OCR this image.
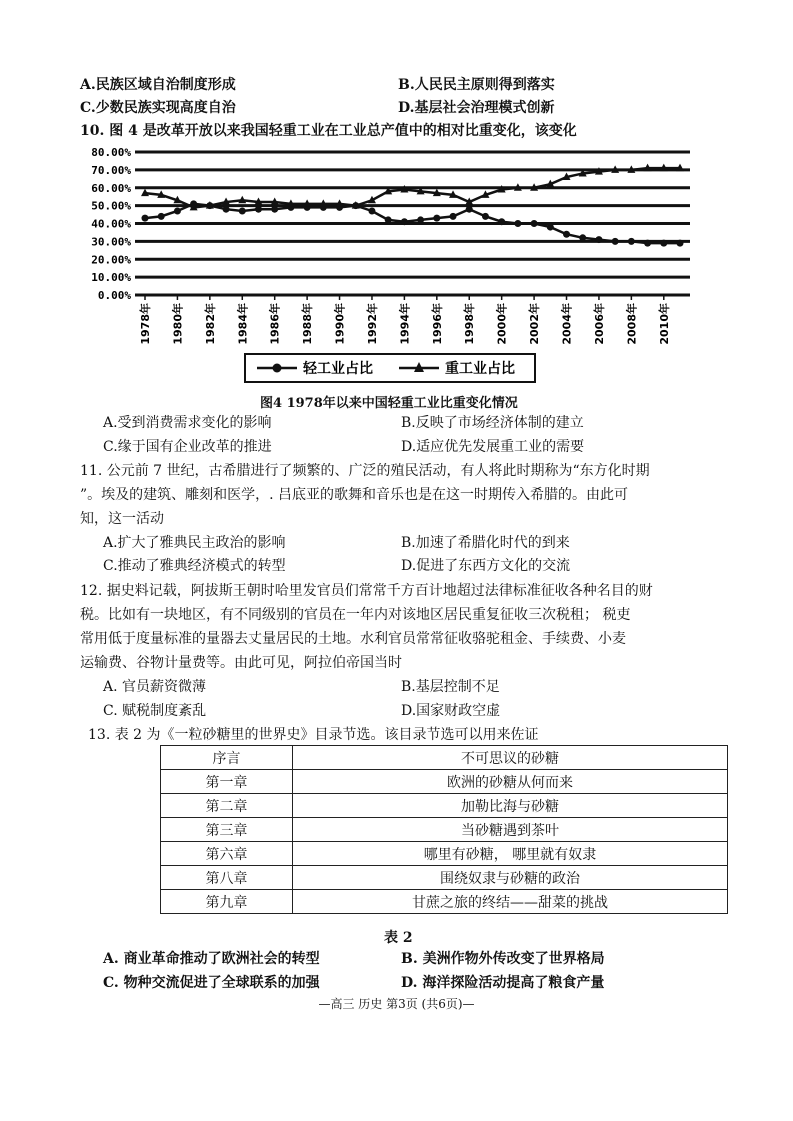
A.民族区域自治制度形成	B.人民民主原则得到落实
C.少数民族实现高度自治	D.基层社会治理模式创新
10. 图 4 是改革开放以来我国轻重工业在工业总产值中的相对比重变化，该变化
0.00%
10.00%
20.00%
30.00%
40.00%
50.00%
60.00%
70.00%
80.00%
1978年 1980年 1982年 1984年 1986年 1988年 1990年 1992年 1994年 1996年 1998年 2000年 2002年 2004年 2006年 2008年 2010年
轻工业占比	重工业占比
图4 1978年以来中国轻重工业比重变化情况
A.受到消费需求变化的影响	B.反映了市场经济体制的建立
C.缘于国有企业改革的推进	D.适应优先发展重工业的需要
11. 公元前 7 世纪，古希腊进行了频繁的、广泛的殖民活动，有人将此时期称为“东方化时期
”。埃及的建筑、雕刻和医学，. 吕底亚的歌舞和音乐也是在这一时期传入希腊的。由此可
知，这一活动
A.扩大了雅典民主政治的影响	B.加速了希腊化时代的到来
C.推动了雅典经济模式的转型	D.促进了东西方文化的交流
12. 据史料记载，阿拔斯王朝时哈里发官员们常常千方百计地超过法律标准征收各种名目的财
税。比如有一块地区，有不同级别的官员在一年内对该地区居民重复征收三次税租； 税吏
常用低于度量标准的量器去丈量居民的土地。水利官员常常征收骆驼租金、手续费、小麦
运输费、谷物计量费等。由此可见，阿拉伯帝国当时
A. 官员薪资微薄	B.基层控制不足
C. 赋税制度紊乱	D.国家财政空虚
13. 表 2 为《一粒砂糖里的世界史》目录节选。该目录节选可以用来佐证
序言	不可思议的砂糖
第一章	欧洲的砂糖从何而来
第二章	加勒比海与砂糖
第三章	当砂糖遇到茶叶
第六章	哪里有砂糖， 哪里就有奴隶
第八章	围绕奴隶与砂糖的政治
第九章	甘蔗之旅的终结——甜菜的挑战
表 2
A. 商业革命推动了欧洲社会的转型	B. 美洲作物外传改变了世界格局
C. 物种交流促进了全球联系的加强	D. 海洋探险活动提高了粮食产量
—高三 历史 第3页 (共6页)—
